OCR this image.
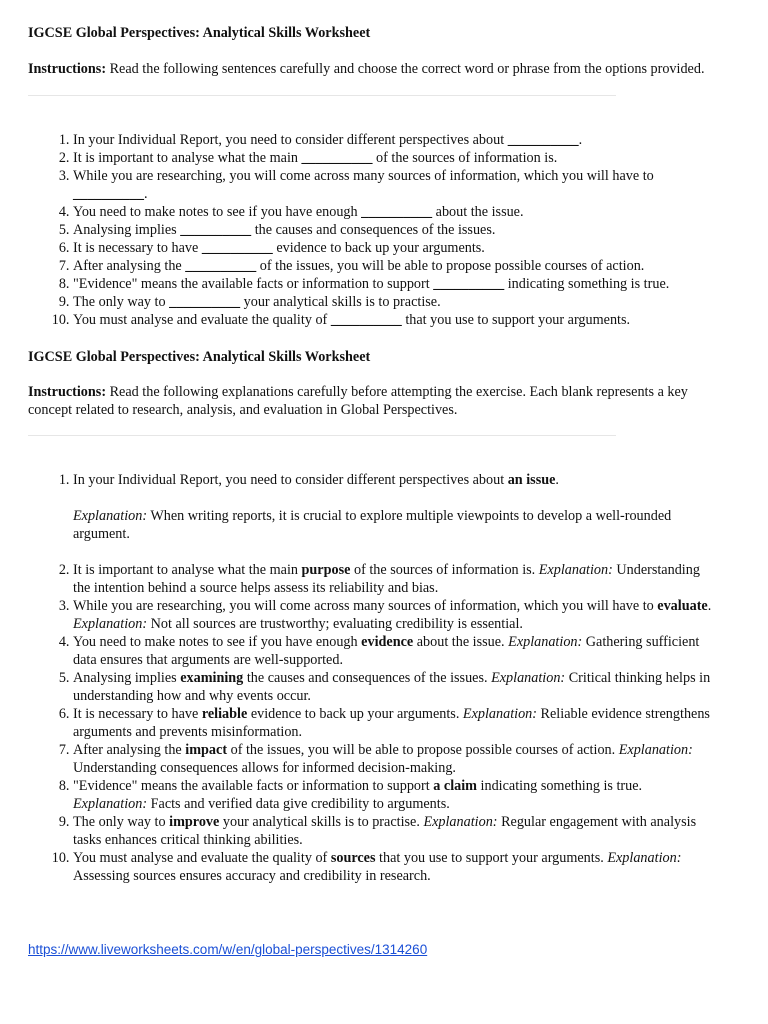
IGCSE Global Perspectives: Analytical Skills Worksheet

Instructions: Read the following sentences carefully and choose the correct word or phrase from the options provided.

1. In your Individual Report, you need to consider different perspectives about __________.
2. It is important to analyse what the main __________ of the sources of information is.
3. While you are researching, you will come across many sources of information, which you will have to __________.
4. You need to make notes to see if you have enough __________ about the issue.
5. Analysing implies __________ the causes and consequences of the issues.
6. It is necessary to have __________ evidence to back up your arguments.
7. After analysing the __________ of the issues, you will be able to propose possible courses of action.
8. "Evidence" means the available facts or information to support __________ indicating something is true.
9. The only way to __________ your analytical skills is to practise.
10. You must analyse and evaluate the quality of __________ that you use to support your arguments.

IGCSE Global Perspectives: Analytical Skills Worksheet

Instructions: Read the following explanations carefully before attempting the exercise. Each blank represents a key concept related to research, analysis, and evaluation in Global Perspectives.

1. In your Individual Report, you need to consider different perspectives about an issue.
Explanation: When writing reports, it is crucial to explore multiple viewpoints to develop a well-rounded argument.
2. It is important to analyse what the main purpose of the sources of information is. Explanation: Understanding the intention behind a source helps assess its reliability and bias.
3. While you are researching, you will come across many sources of information, which you will have to evaluate. Explanation: Not all sources are trustworthy; evaluating credibility is essential.
4. You need to make notes to see if you have enough evidence about the issue. Explanation: Gathering sufficient data ensures that arguments are well-supported.
5. Analysing implies examining the causes and consequences of the issues. Explanation: Critical thinking helps in understanding how and why events occur.
6. It is necessary to have reliable evidence to back up your arguments. Explanation: Reliable evidence strengthens arguments and prevents misinformation.
7. After analysing the impact of the issues, you will be able to propose possible courses of action. Explanation: Understanding consequences allows for informed decision-making.
8. "Evidence" means the available facts or information to support a claim indicating something is true. Explanation: Facts and verified data give credibility to arguments.
9. The only way to improve your analytical skills is to practise. Explanation: Regular engagement with analysis tasks enhances critical thinking abilities.
10. You must analyse and evaluate the quality of sources that you use to support your arguments. Explanation: Assessing sources ensures accuracy and credibility in research.
https://www.liveworksheets.com/w/en/global-perspectives/1314260
